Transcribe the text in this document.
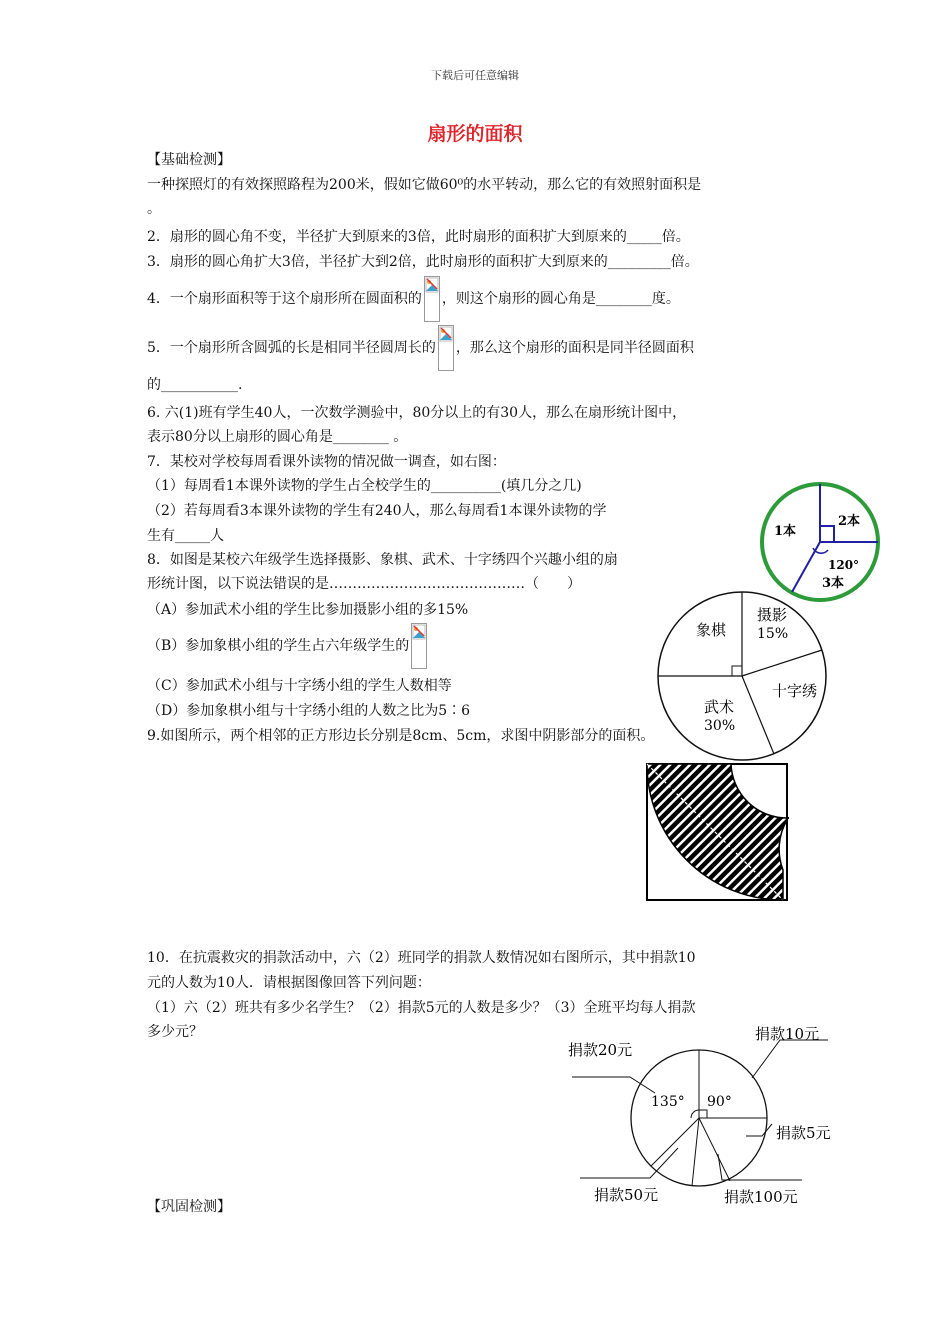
下载后可任意编辑
扇形的面积
【基础检测】
一种探照灯的有效探照路程为200米，假如它做60⁰的水平转动，那么它的有效照射面积是
。
2．扇形的圆心角不变，半径扩大到原来的3倍，此时扇形的面积扩大到原来的_____倍。
3．扇形的圆心角扩大3倍，半径扩大到2倍，此时扇形的面积扩大到原来的_________倍。
4．一个扇形面积等于这个扇形所在圆面积的 ，则这个扇形的圆心角是________度。
5．一个扇形所含圆弧的长是相同半径圆周长的 ，那么这个扇形的面积是同半径圆面积
的___________.
6. 六(1)班有学生40人，一次数学测验中，80分以上的有30人，那么在扇形统计图中，
表示80分以上扇形的圆心角是________ 。
7．某校对学校每周看课外读物的情况做一调查，如右图：
（1）每周看1本课外读物的学生占全校学生的__________(填几分之几)
（2）若每周看3本课外读物的学生有240人，那么每周看1本课外读物的学
生有_____人
8．如图是某校六年级学生选择摄影、象棋、武术、十字绣四个兴趣小组的扇
形统计图，以下说法错误的是……………………………………（　　）
（A）参加武术小组的学生比参加摄影小组的多15%
（B）参加象棋小组的学生占六年级学生的
（C）参加武术小组与十字绣小组的学生人数相等
（D）参加象棋小组与十字绣小组的人数之比为5∶6
9.如图所示，两个相邻的正方形边长分别是8cm、5cm，求图中阴影部分的面积。
1本
2本
120°
3本
象棋
摄影
15%
十字绣
武术
30%
10．在抗震救灾的捐款活动中，六（2）班同学的捐款人数情况如右图所示，其中捐款10
元的人数为10人．请根据图像回答下列问题：
（1）六（2）班共有多少名学生？（2）捐款5元的人数是多少？（3）全班平均每人捐款
多少元？
捐款20元
捐款10元
捐款5元
捐款50元	捐款100元
135° 90°
【巩固检测】
